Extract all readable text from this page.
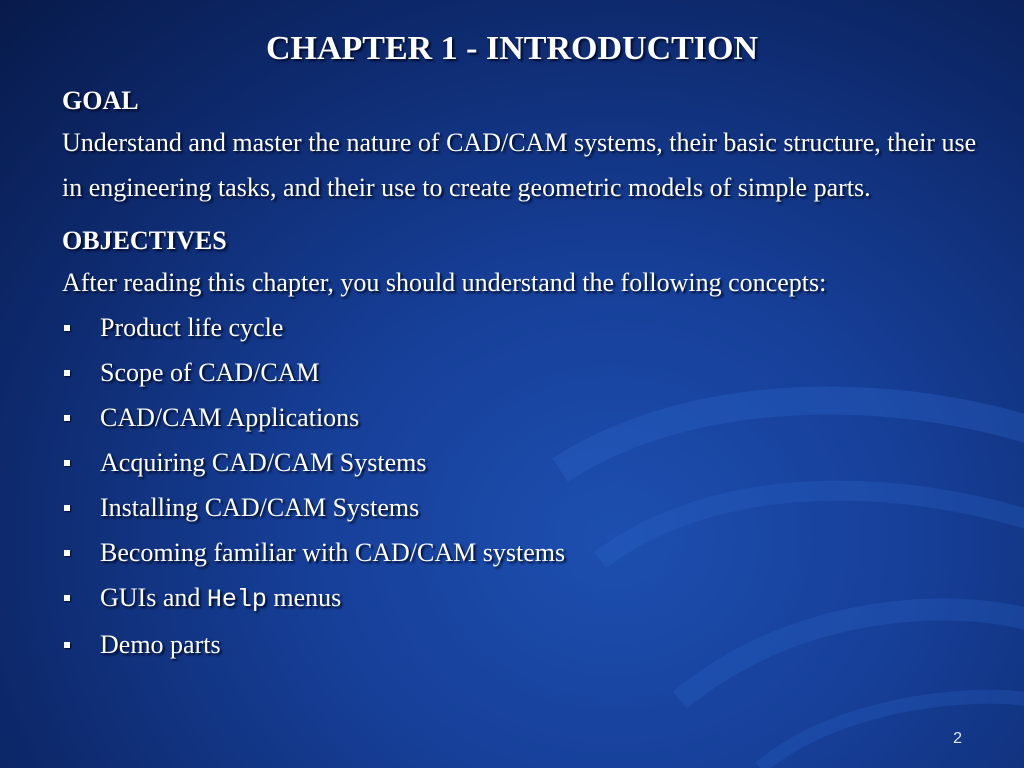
CHAPTER 1 - INTRODUCTION
GOAL
Understand and master the nature of CAD/CAM systems, their basic structure, their use in engineering tasks, and their use to create geometric models of simple parts.
OBJECTIVES
After reading this chapter, you should understand the following concepts:
Product life cycle
Scope of CAD/CAM
CAD/CAM Applications
Acquiring CAD/CAM Systems
Installing CAD/CAM Systems
Becoming familiar with CAD/CAM systems
GUIs and Help menus
Demo parts
2
